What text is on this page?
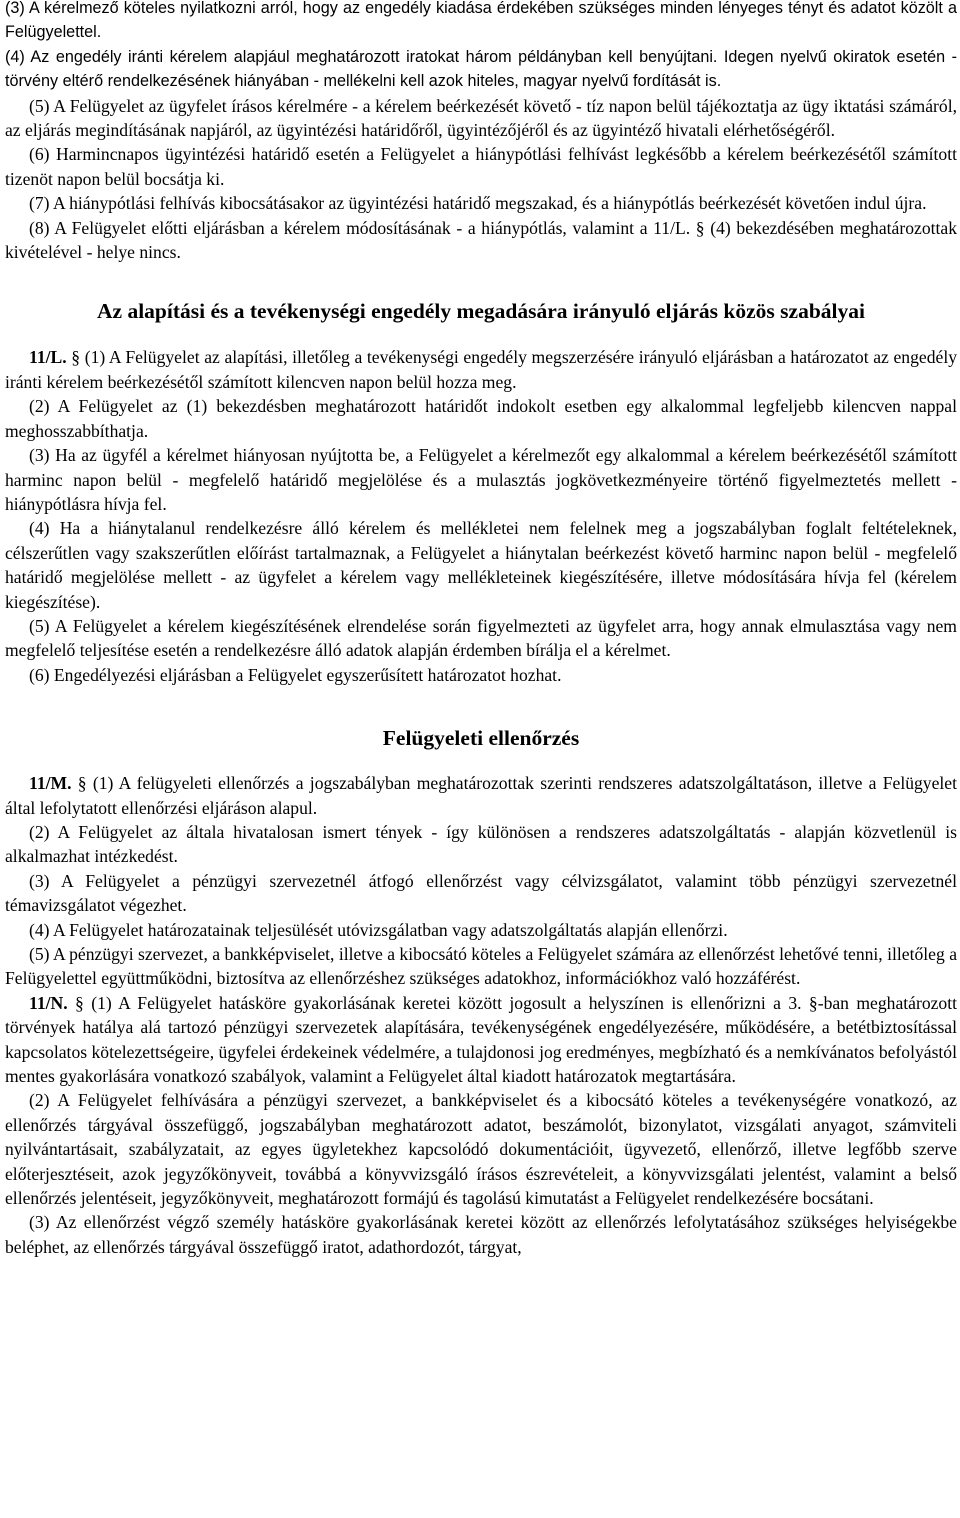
(3) A kérelmező köteles nyilatkozni arról, hogy az engedély kiadása érdekében szükséges minden lényeges tényt és adatot közölt a Felügyelettel.
(4) Az engedély iránti kérelem alapjául meghatározott iratokat három példányban kell benyújtani. Idegen nyelvű okiratok esetén - törvény eltérő rendelkezésének hiányában - mellékelni kell azok hiteles, magyar nyelvű fordítását is.
(5) A Felügyelet az ügyfelet írásos kérelmére - a kérelem beérkezését követő - tíz napon belül tájékoztatja az ügy iktatási számáról, az eljárás megindításának napjáról, az ügyintézési határidőről, ügyintézőjéről és az ügyintéző hivatali elérhetőségéről.
(6) Harmincnapos ügyintézési határidő esetén a Felügyelet a hiánypótlási felhívást legkésőbb a kérelem beérkezésétől számított tizenöt napon belül bocsátja ki.
(7) A hiánypótlási felhívás kibocsátásakor az ügyintézési határidő megszakad, és a hiánypótlás beérkezését követően indul újra.
(8) A Felügyelet előtti eljárásban a kérelem módosításának - a hiánypótlás, valamint a 11/L. § (4) bekezdésében meghatározottak kivételével - helye nincs.
Az alapítási és a tevékenységi engedély megadására irányuló eljárás közös szabályai
11/L. § (1) A Felügyelet az alapítási, illetőleg a tevékenységi engedély megszerzésére irányuló eljárásban a határozatot az engedély iránti kérelem beérkezésétől számított kilencven napon belül hozza meg.
(2) A Felügyelet az (1) bekezdésben meghatározott határidőt indokolt esetben egy alkalommal legfeljebb kilencven nappal meghosszabbíthatja.
(3) Ha az ügyfél a kérelmet hiányosan nyújtotta be, a Felügyelet a kérelmezőt egy alkalommal a kérelem beérkezésétől számított harminc napon belül - megfelelő határidő megjelölése és a mulasztás jogkövetkezményeire történő figyelmeztetés mellett - hiánypótlásra hívja fel.
(4) Ha a hiánytalanul rendelkezésre álló kérelem és mellékletei nem felelnek meg a jogszabályban foglalt feltételeknek, célszerűtlen vagy szakszerűtlen előírást tartalmaznak, a Felügyelet a hiánytalan beérkezést követő harminc napon belül - megfelelő határidő megjelölése mellett - az ügyfelet a kérelem vagy mellékleteinek kiegészítésére, illetve módosítására hívja fel (kérelem kiegészítése).
(5) A Felügyelet a kérelem kiegészítésének elrendelése során figyelmezteti az ügyfelet arra, hogy annak elmulasztása vagy nem megfelelő teljesítése esetén a rendelkezésre álló adatok alapján érdemben bírálja el a kérelmet.
(6) Engedélyezési eljárásban a Felügyelet egyszerűsített határozatot hozhat.
Felügyeleti ellenőrzés
11/M. § (1) A felügyeleti ellenőrzés a jogszabályban meghatározottak szerinti rendszeres adatszolgáltatáson, illetve a Felügyelet által lefolytatott ellenőrzési eljáráson alapul.
(2) A Felügyelet az általa hivatalosan ismert tények - így különösen a rendszeres adatszolgáltatás - alapján közvetlenül is alkalmazhat intézkedést.
(3) A Felügyelet a pénzügyi szervezetnél átfogó ellenőrzést vagy célvizsgálatot, valamint több pénzügyi szervezetnél témavizsgálatot végezhet.
(4) A Felügyelet határozatainak teljesülését utóvizsgálatban vagy adatszolgáltatás alapján ellenőrzi.
(5) A pénzügyi szervezet, a bankképviselet, illetve a kibocsátó köteles a Felügyelet számára az ellenőrzést lehetővé tenni, illetőleg a Felügyelettel együttműködni, biztosítva az ellenőrzéshez szükséges adatokhoz, információkhoz való hozzáférést.
11/N. § (1) A Felügyelet hatásköre gyakorlásának keretei között jogosult a helyszínen is ellenőrizni a 3. §-ban meghatározott törvények hatálya alá tartozó pénzügyi szervezetek alapítására, tevékenységének engedélyezésére, működésére, a betétbiztosítással kapcsolatos kötelezettségeire, ügyfelei érdekeinek védelmére, a tulajdonosi jog eredményes, megbízható és a nemkívánatos befolyástól mentes gyakorlására vonatkozó szabályok, valamint a Felügyelet által kiadott határozatok megtartására.
(2) A Felügyelet felhívására a pénzügyi szervezet, a bankképviselet és a kibocsátó köteles a tevékenységére vonatkozó, az ellenőrzés tárgyával összefüggő, jogszabályban meghatározott adatot, beszámolót, bizonylatot, vizsgálati anyagot, számviteli nyilvántartásait, szabályzatait, az egyes ügyletekhez kapcsolódó dokumentációit, ügyvezető, ellenőrző, illetve legfőbb szerve előterjesztéseit, azok jegyzőkönyveit, továbbá a könyvvizsgáló írásos észrevételeit, a könyvvizsgálati jelentést, valamint a belső ellenőrzés jelentéseit, jegyzőkönyveit, meghatározott formájú és tagolású kimutatást a Felügyelet rendelkezésére bocsátani.
(3) Az ellenőrzést végző személy hatásköre gyakorlásának keretei között az ellenőrzés lefolytatásához szükséges helyiségekbe beléphet, az ellenőrzés tárgyával összefüggő iratot, adathordozót, tárgyat,
